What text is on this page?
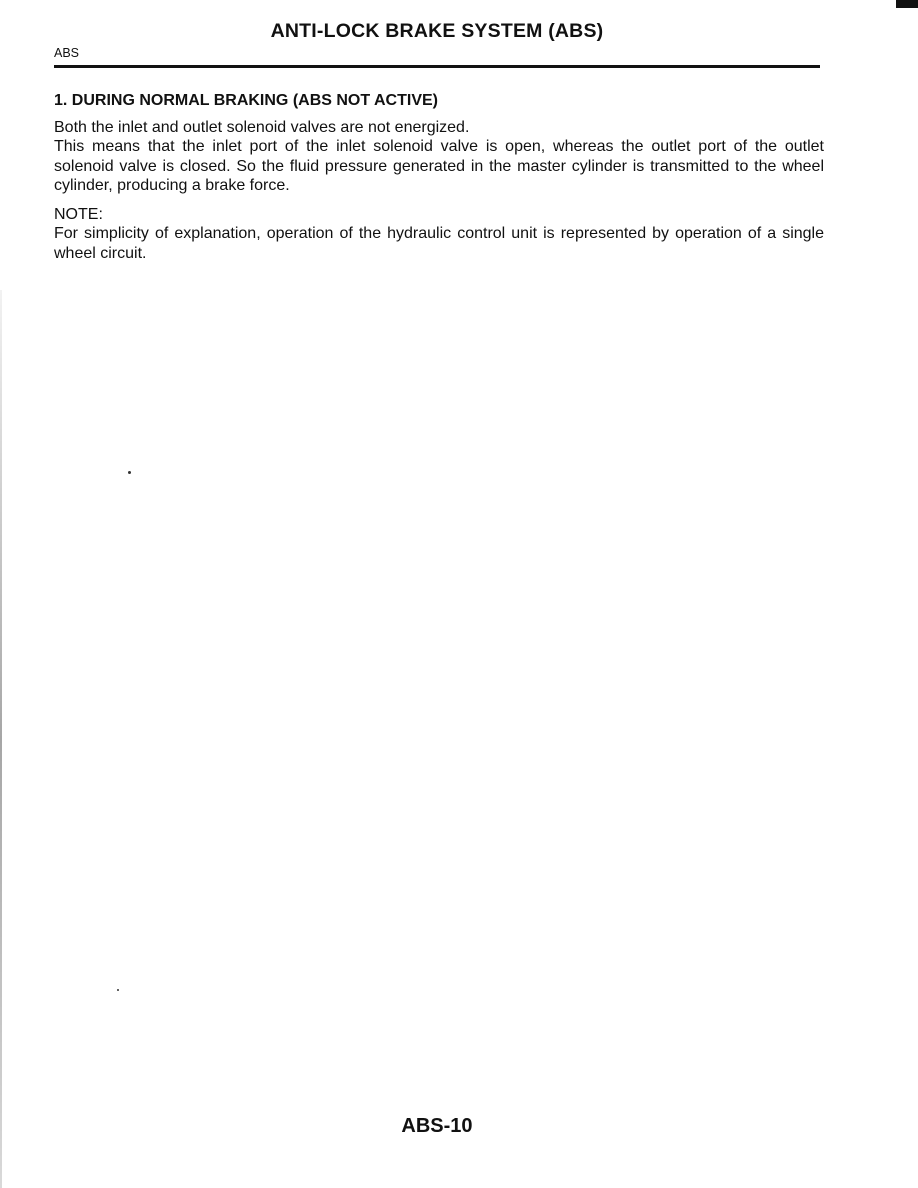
ANTI-LOCK BRAKE SYSTEM (ABS)
ABS
1. DURING NORMAL BRAKING (ABS NOT ACTIVE)

Both the inlet and outlet solenoid valves are not energized.

This means that the inlet port of the inlet solenoid valve is open, whereas the outlet port of the outlet solenoid valve is closed. So the fluid pressure generated in the master cylinder is transmitted to the wheel cylinder, producing a brake force.

NOTE:

For simplicity of explanation, operation of the hydraulic control unit is represented by operation of a single wheel circuit.

ABS-10
